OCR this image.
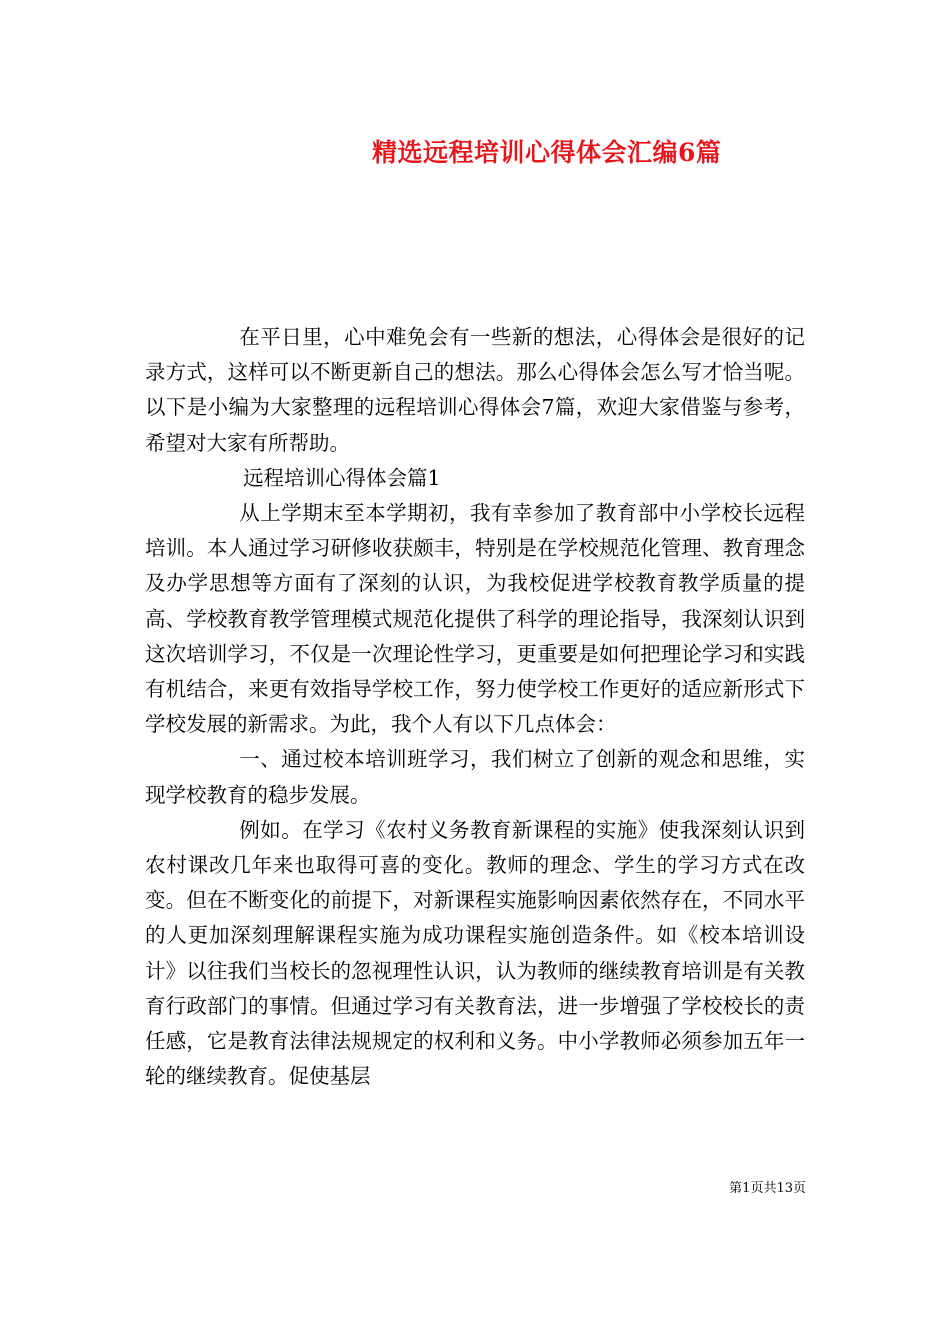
精选远程培训心得体会汇编6篇

在平日里，心中难免会有一些新的想法，心得体会是很好的记录方式，这样可以不断更新自己的想法。那么心得体会怎么写才恰当呢。以下是小编为大家整理的远程培训心得体会7篇，欢迎大家借鉴与参考，希望对大家有所帮助。

远程培训心得体会篇1

从上学期末至本学期初，我有幸参加了教育部中小学校长远程培训。本人通过学习研修收获颇丰，特别是在学校规范化管理、教育理念及办学思想等方面有了深刻的认识，为我校促进学校教育教学质量的提高、学校教育教学管理模式规范化提供了科学的理论指导，我深刻认识到这次培训学习，不仅是一次理论性学习，更重要是如何把理论学习和实践有机结合，来更有效指导学校工作，努力使学校工作更好的适应新形式下学校发展的新需求。为此，我个人有以下几点体会：

一、通过校本培训班学习，我们树立了创新的观念和思维，实现学校教育的稳步发展。

例如。在学习《农村义务教育新课程的实施》使我深刻认识到农村课改几年来也取得可喜的变化。教师的理念、学生的学习方式在改变。但在不断变化的前提下，对新课程实施影响因素依然存在，不同水平的人更加深刻理解课程实施为成功课程实施创造条件。如《校本培训设计》以往我们当校长的忽视理性认识，认为教师的继续教育培训是有关教育行政部门的事情。但通过学习有关教育法，进一步增强了学校校长的责任感，它是教育法律法规规定的权利和义务。中小学教师必须参加五年一轮的继续教育。促使基层

第1页共13页
